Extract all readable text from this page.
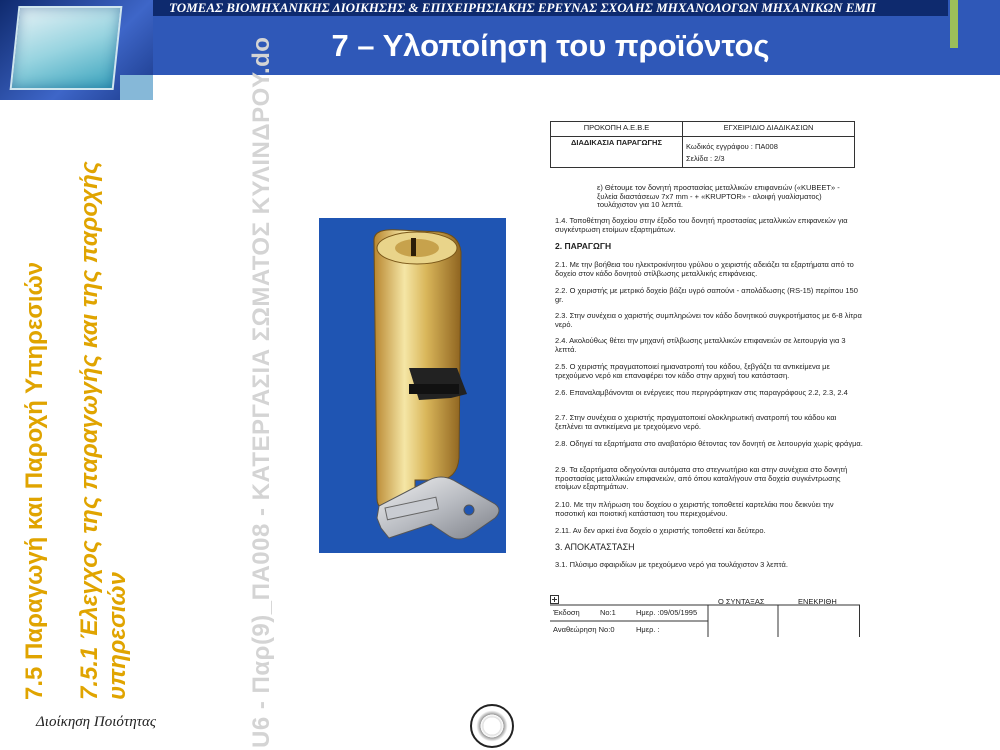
ΤΟΜΕΑΣ ΒΙΟΜΗΧΑΝΙΚΗΣ ΔΙΟΙΚΗΣΗΣ & ΕΠΙΧΕΙΡΗΣΙΑΚΗΣ ΕΡΕΥΝΑΣ ΣΧΟΛΗΣ ΜΗΧΑΝΟΛΟΓΩΝ ΜΗΧΑΝΙΚΩΝ ΕΜΠ
7 – Υλοποίηση του προϊόντος
7.5 Παραγωγή και Παροχή Υπηρεσιών 7.5.1 Έλεγχος της παραγωγής και της παροχής υπηρεσιών	U6 - Παρ(9)_ΠΑ008 - ΚΑΤΕΡΓΑΣΙΑ ΣΩΜΑΤΟΣ ΚΥΛΙΝΔΡΟΥ.do
Διοίκηση Ποιότητας
ΠΡΟΚΟΠΗ Α.Ε.Β.Ε	ΕΓΧΕΙΡΙΔΙΟ ΔΙΑΔΙΚΑΣΙΩΝ
ΔΙΑΔΙΚΑΣΙΑ ΠΑΡΑΓΩΓΗΣ	Κωδικός εγγράφου : ΠΑ008
Σελίδα : 2/3
ε) Θέτουμε τον δονητή προστασίας μεταλλικών επιφανειών («KUBEET» - ξυλεία διαστάσεων 7x7 mm - + «KRUPTOR» - αλοιφή γυαλίσματος) τουλάχιστον για 10 λεπτά.
1.4. Τοποθέτηση δοχείου στην έξοδο του δονητή προστασίας μεταλλικών επιφανειών για συγκέντρωση ετοίμων εξαρτημάτων.
2. ΠΑΡΑΓΩΓΗ
2.1. Με την βοήθεια του ηλεκτροκίνητου γρύλου ο χειριστής αδειάζει τα εξαρτήματα από το δοχείο στον κάδο δονητού στίλβωσης μεταλλικής επιφάνειας.
2.2. Ο χειριστής με μετρικό δοχείο βάζει υγρό σαπούνι - απολάδωσης (RS-15) περίπου 150 gr.
2.3. Στην συνέχεια ο χαριστής συμπληρώνει τον κάδο δονητικού συγκροτήματος με 6-8 λίτρα νερό.
2.4. Ακολούθως θέτει την μηχανή στίλβωσης μεταλλικών επιφανειών σε λειτουργία για 3 λεπτά.
2.5. Ο χειριστής πραγματοποιεί ημιανατροπή του κάδου, ξεβγάζει τα αντικείμενα με τρεχούμενο νερό και επαναφέρει τον κάδο στην αρχική του κατάσταση.
2.6. Επαναλαμβάνονται οι ενέργειες που περιγράφτηκαν στις παραγράφους 2.2, 2.3, 2.4
2.7. Στην συνέχεια ο χειριστής πραγματοποιεί ολοκληρωτική ανατροπή του κάδου και ξεπλένει τα αντικείμενα με τρεχούμενο νερό.
2.8. Οδηγεί τα εξαρτήματα στο αναβατόριο θέτοντας τον δονητή σε λειτουργία χωρίς φράγμα.
2.9. Τα εξαρτήματα οδηγούνται αυτόματα στο στεγνωτήριο και στην συνέχεια στο δονητή προστασίας μεταλλικών επιφανειών, από όπου καταλήγουν στα δοχεία συγκέντρωσης ετοίμων εξαρτημάτων.
2.10. Με την πλήρωση του δοχείου ο χειριστής τοποθετεί καρτελάκι που δεικνύει την ποσοτική και ποιοτική κατάσταση του περιεχομένου.
2.11. Αν δεν αρκεί ένα δοχείο ο χειριστής τοποθετεί και δεύτερο.
3. ΑΠΟΚΑΤΑΣΤΑΣΗ
3.1. Πλύσιμο σφαιριδίων με τρεχούμενο νερό για τουλάχιστον 3 λεπτά.
Έκδοση	Νο:1	Ημερ. :09/05/1995
Αναθεώρηση Νο:0	Ημερ. :
Ο ΣΥΝΤΑΞΑΣ	ΕΝΕΚΡΙΘΗ
